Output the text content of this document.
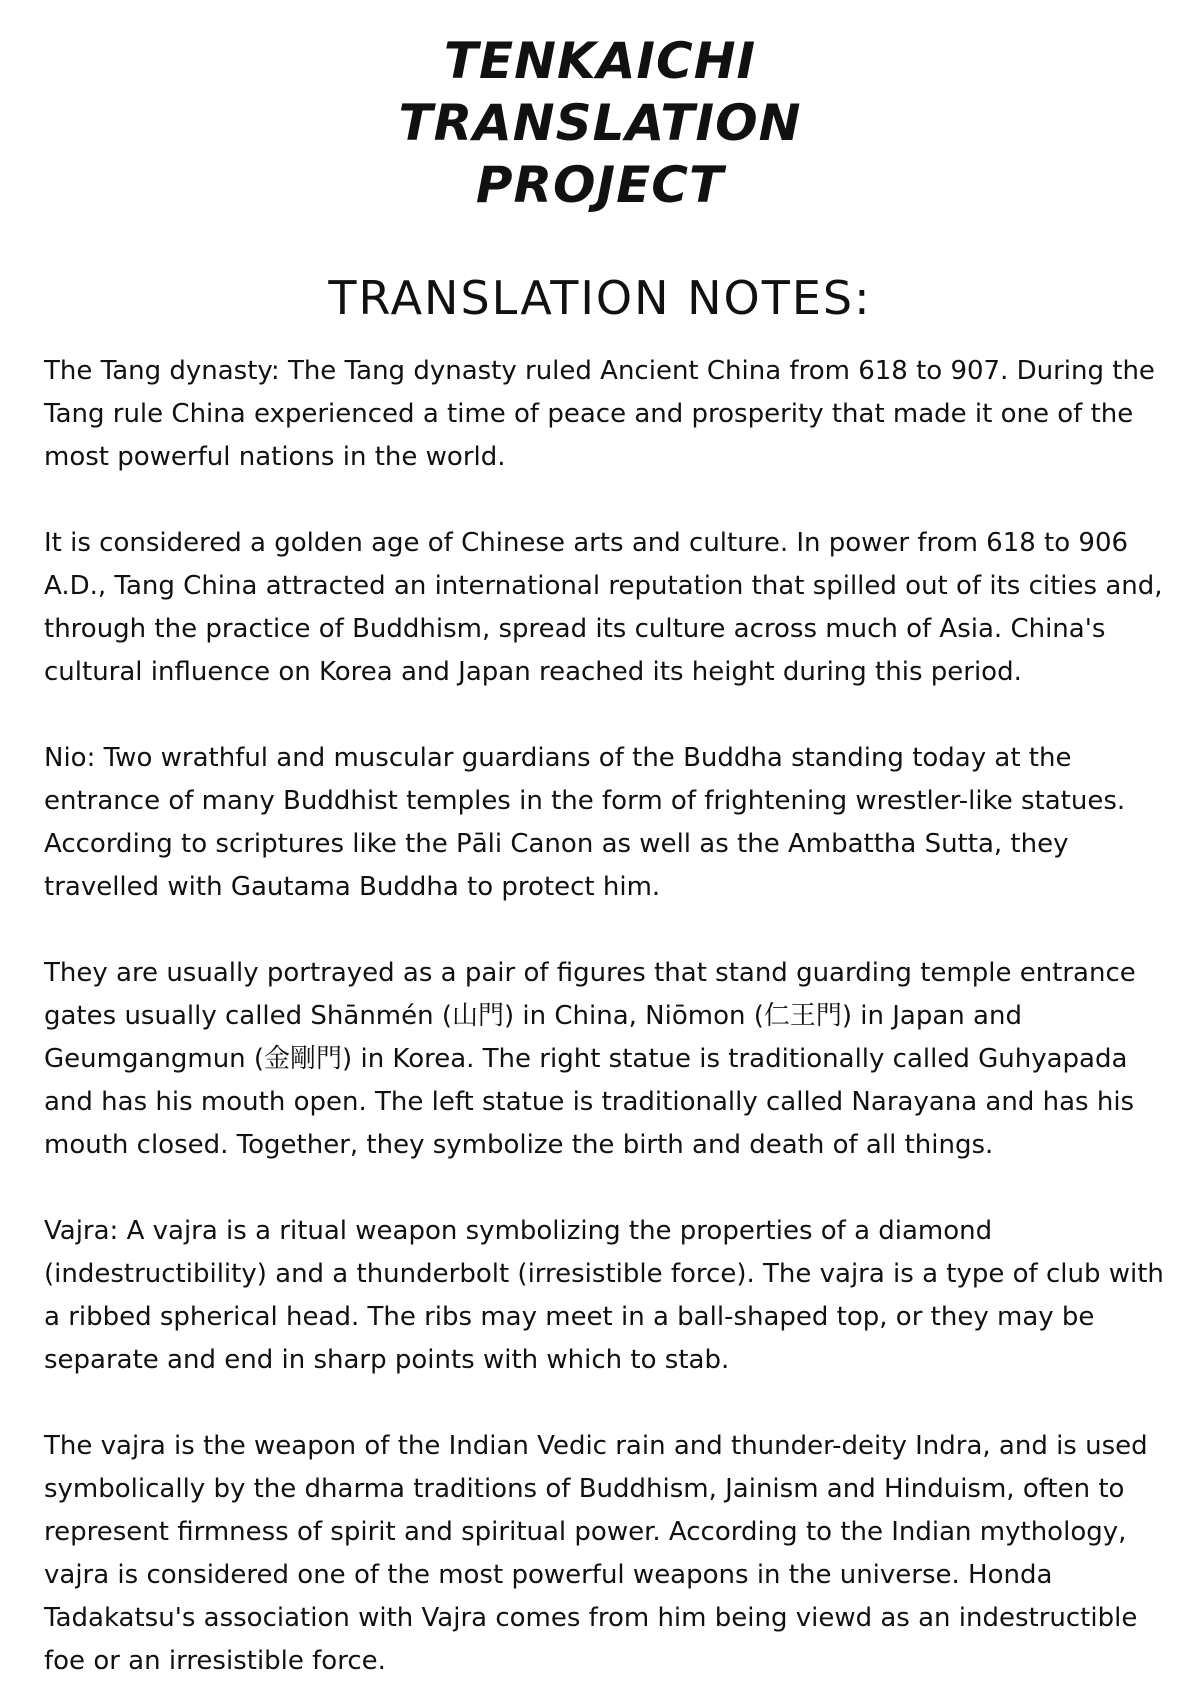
TENKAICHI
TRANSLATION
PROJECT
TRANSLATION NOTES:

The Tang dynasty: The Tang dynasty ruled Ancient China from 618 to 907. During the Tang rule China experienced a time of peace and prosperity that made it one of the most powerful nations in the world.

It is considered a golden age of Chinese arts and culture. In power from 618 to 906 A.D., Tang China attracted an international reputation that spilled out of its cities and, through the practice of Buddhism, spread its culture across much of Asia. China's cultural influence on Korea and Japan reached its height during this period.

Nio: Two wrathful and muscular guardians of the Buddha standing today at the entrance of many Buddhist temples in the form of frightening wrestler-like statues. According to scriptures like the Pāli Canon as well as the Ambattha Sutta, they travelled with Gautama Buddha to protect him.

They are usually portrayed as a pair of figures that stand guarding temple entrance gates usually called Shānmén (山門) in China, Niōmon (仁王門) in Japan and Geumgangmun (金剛門) in Korea. The right statue is traditionally called Guhyapada and has his mouth open. The left statue is traditionally called Narayana and has his mouth closed. Together, they symbolize the birth and death of all things.

Vajra: A vajra is a ritual weapon symbolizing the properties of a diamond (indestructibility) and a thunderbolt (irresistible force). The vajra is a type of club with a ribbed spherical head. The ribs may meet in a ball-shaped top, or they may be separate and end in sharp points with which to stab.

The vajra is the weapon of the Indian Vedic rain and thunder-deity Indra, and is used symbolically by the dharma traditions of Buddhism, Jainism and Hinduism, often to represent firmness of spirit and spiritual power. According to the Indian mythology, vajra is considered one of the most powerful weapons in the universe. Honda Tadakatsu's association with Vajra comes from him being viewd as an indestructible foe or an irresistible force.
